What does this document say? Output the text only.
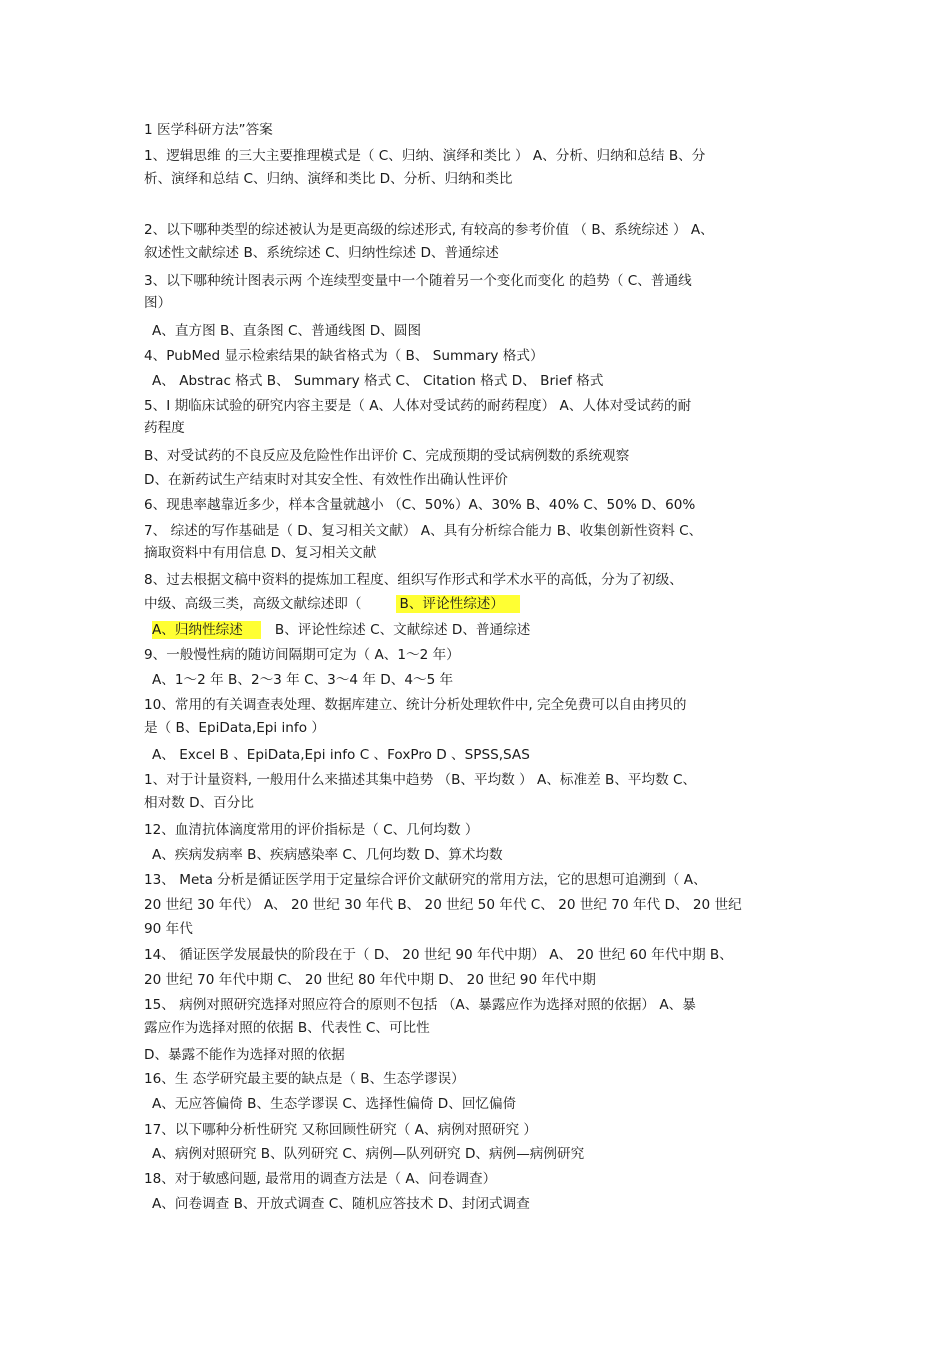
1 医学科研方法”答案
1、逻辑思维 的三大主要推理模式是（ C、归纳、演绎和类比 ） A、分析、归纳和总结 B、分
析、演绎和总结 C、归纳、演绎和类比 D、分析、归纳和类比
2、以下哪种类型的综述被认为是更高级的综述形式, 有较高的参考价值 （ B、系统综述 ） A、
叙述性文献综述 B、系统综述 C、归纳性综述 D、普通综述
3、以下哪种统计图表示两 个连续型变量中一个随着另一个变化而变化 的趋势（ C、普通线
图）
A、直方图 B、直条图 C、普通线图 D、圆图
4、PubMed 显示检索结果的缺省格式为（ B、 Summary 格式）
A、 Abstrac 格式 B、 Summary 格式 C、 Citation 格式 D、 Brief 格式
5、I 期临床试验的研究内容主要是（ A、人体对受试药的耐药程度） A、人体对受试药的耐
药程度
B、对受试药的不良反应及危险性作出评价 C、完成预期的受试病例数的系统观察
D、在新药试生产结束时对其安全性、有效性作出确认性评价
6、现患率越靠近多少，样本含量就越小 （C、50%）A、30% B、40% C、50% D、60%
7、 综述的写作基础是（ D、复习相关文献） A、具有分析综合能力 B、收集创新性资料 C、
摘取资料中有用信息 D、复习相关文献
8、过去根据文稿中资料的提炼加工程度、组织写作形式和学术水平的高低，分为了初级、
中级、高级三类，高级文献综述即（	B、评论性综述）
A、归纳性综述 B、评论性综述 C、文献综述 D、普通综述
9、一般慢性病的随访间隔期可定为（ A、1～2 年）
A、1～2 年 B、2～3 年 C、3～4 年 D、4～5 年
10、常用的有关调查表处理、数据库建立、统计分析处理软件中, 完全免费可以自由拷贝的
是（ B、EpiData,Epi info ）
A、 Excel B 、EpiData,Epi info C 、FoxPro D 、SPSS,SAS
1、对于计量资料, 一般用什么来描述其集中趋势 （B、平均数 ） A、标准差 B、平均数 C、
相对数 D、百分比
12、血清抗体滴度常用的评价指标是（ C、几何均数 ）
A、疾病发病率 B、疾病感染率 C、几何均数 D、算术均数
13、 Meta 分析是循证医学用于定量综合评价文献研究的常用方法，它的思想可追溯到（ A、
20 世纪 30 年代） A、 20 世纪 30 年代 B、 20 世纪 50 年代 C、 20 世纪 70 年代 D、 20 世纪
90 年代
14、 循证医学发展最快的阶段在于（ D、 20 世纪 90 年代中期） A、 20 世纪 60 年代中期 B、
20 世纪 70 年代中期 C、 20 世纪 80 年代中期 D、 20 世纪 90 年代中期
15、 病例对照研究选择对照应符合的原则不包括 （A、暴露应作为选择对照的依据） A、暴
露应作为选择对照的依据 B、代表性 C、可比性
D、暴露不能作为选择对照的依据
16、生 态学研究最主要的缺点是（ B、生态学谬误）
A、无应答偏倚 B、生态学谬误 C、选择性偏倚 D、回忆偏倚
17、以下哪种分析性研究 又称回顾性研究（ A、病例对照研究 ）
A、病例对照研究 B、队列研究 C、病例—队列研究 D、病例—病例研究
18、对于敏感问题, 最常用的调查方法是（ A、问卷调查）
A、问卷调查 B、开放式调查 C、随机应答技术 D、封闭式调查
